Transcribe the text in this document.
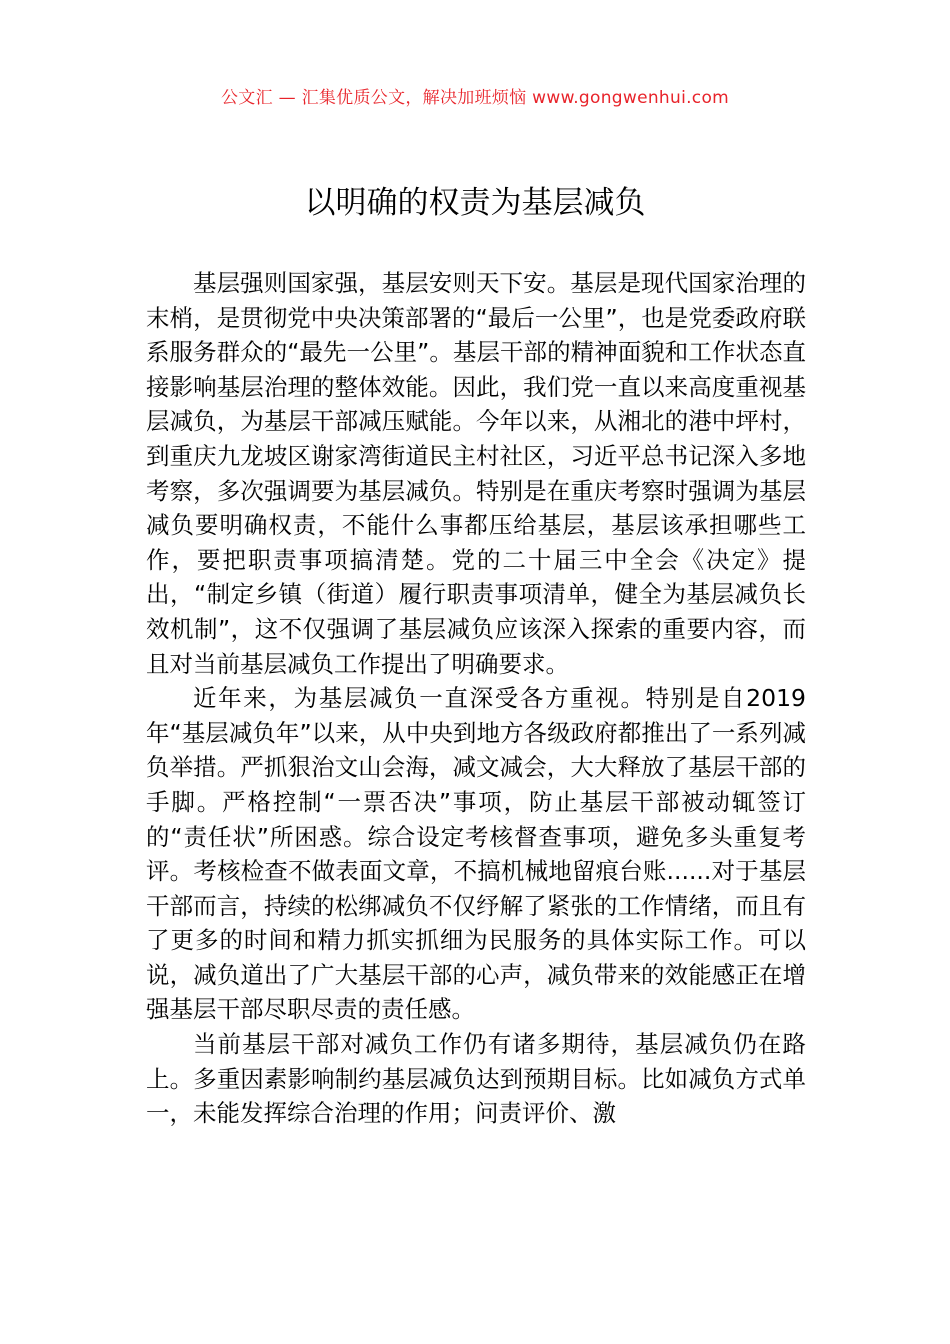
公文汇 — 汇集优质公文，解决加班烦恼 www.gongwenhui.com
以明确的权责为基层减负

基层强则国家强，基层安则天下安。基层是现代国家治理的末梢，是贯彻党中央决策部署的“最后一公里”，也是党委政府联系服务群众的“最先一公里”。基层干部的精神面貌和工作状态直接影响基层治理的整体效能。因此，我们党一直以来高度重视基层减负，为基层干部减压赋能。今年以来，从湘北的港中坪村，到重庆九龙坡区谢家湾街道民主村社区，习近平总书记深入多地考察，多次强调要为基层减负。特别是在重庆考察时强调为基层减负要明确权责，不能什么事都压给基层，基层该承担哪些工作，要把职责事项搞清楚。党的二十届三中全会《决定》提出，“制定乡镇（街道）履行职责事项清单，健全为基层减负长效机制”，这不仅强调了基层减负应该深入探索的重要内容，而且对当前基层减负工作提出了明确要求。

近年来，为基层减负一直深受各方重视。特别是自2019年“基层减负年”以来，从中央到地方各级政府都推出了一系列减负举措。严抓狠治文山会海，减文减会，大大释放了基层干部的手脚。严格控制“一票否决”事项，防止基层干部被动辄签订的“责任状”所困惑。综合设定考核督查事项，避免多头重复考评。考核检查不做表面文章，不搞机械地留痕台账......对于基层干部而言，持续的松绑减负不仅纾解了紧张的工作情绪，而且有了更多的时间和精力抓实抓细为民服务的具体实际工作。可以说，减负道出了广大基层干部的心声，减负带来的效能感正在增强基层干部尽职尽责的责任感。

当前基层干部对减负工作仍有诸多期待，基层减负仍在路上。多重因素影响制约基层减负达到预期目标。比如减负方式单一，未能发挥综合治理的作用；问责评价、激
